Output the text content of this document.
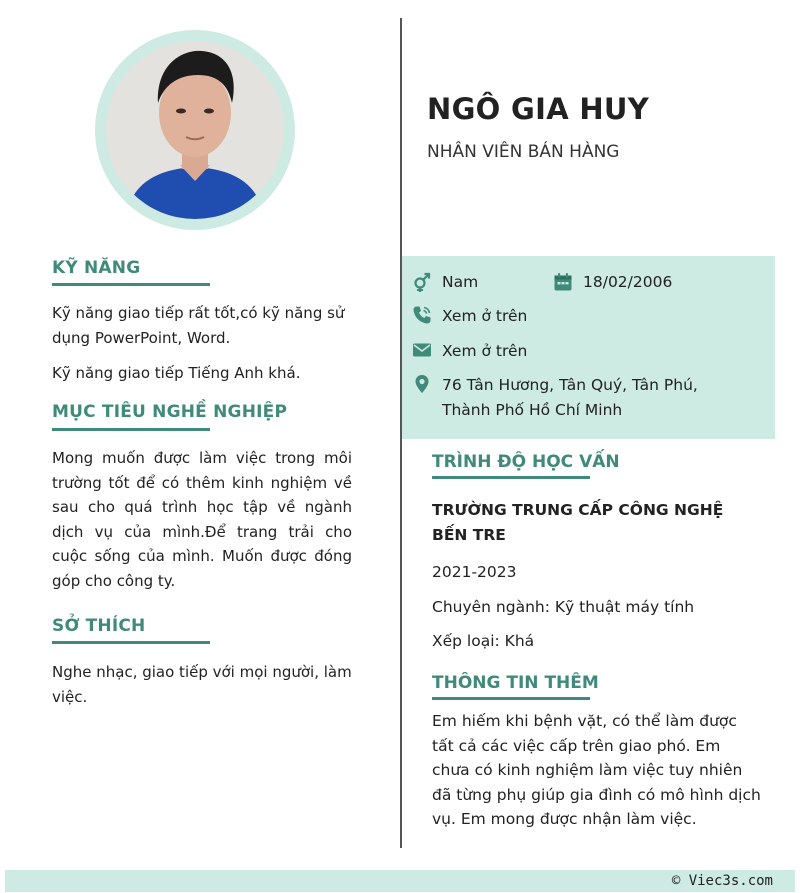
KỸ NĂNG
Kỹ năng giao tiếp rất tốt,có kỹ năng sử dụng PowerPoint, Word.
Kỹ năng giao tiếp Tiếng Anh khá.
MỤC TIÊU NGHỀ NGHIỆP
Mong muốn được làm việc trong môi trường tốt để có thêm kinh nghiệm về sau cho quá trình học tập về ngành dịch vụ của mình.Để trang trải cho cuộc sống của mình. Muốn được đóng góp cho công ty.
SỞ THÍCH
Nghe nhạc, giao tiếp với mọi người, làm việc.
NGÔ GIA HUY
NHÂN VIÊN BÁN HÀNG
Nam	18/02/2006
Xem ở trên
Xem ở trên
76 Tân Hương, Tân Quý, Tân Phú,
Thành Phố Hồ Chí Minh
TRÌNH ĐỘ HỌC VẤN
TRƯỜNG TRUNG CẤP CÔNG NGHỆ BẾN TRE
2021-2023
Chuyên ngành: Kỹ thuật máy tính
Xếp loại: Khá
THÔNG TIN THÊM
Em hiếm khi bệnh vặt, có thể làm được tất cả các việc cấp trên giao phó. Em chưa có kinh nghiệm làm việc tuy nhiên đã từng phụ giúp gia đình có mô hình dịch vụ. Em mong được nhận làm việc.
© Viec3s.com
